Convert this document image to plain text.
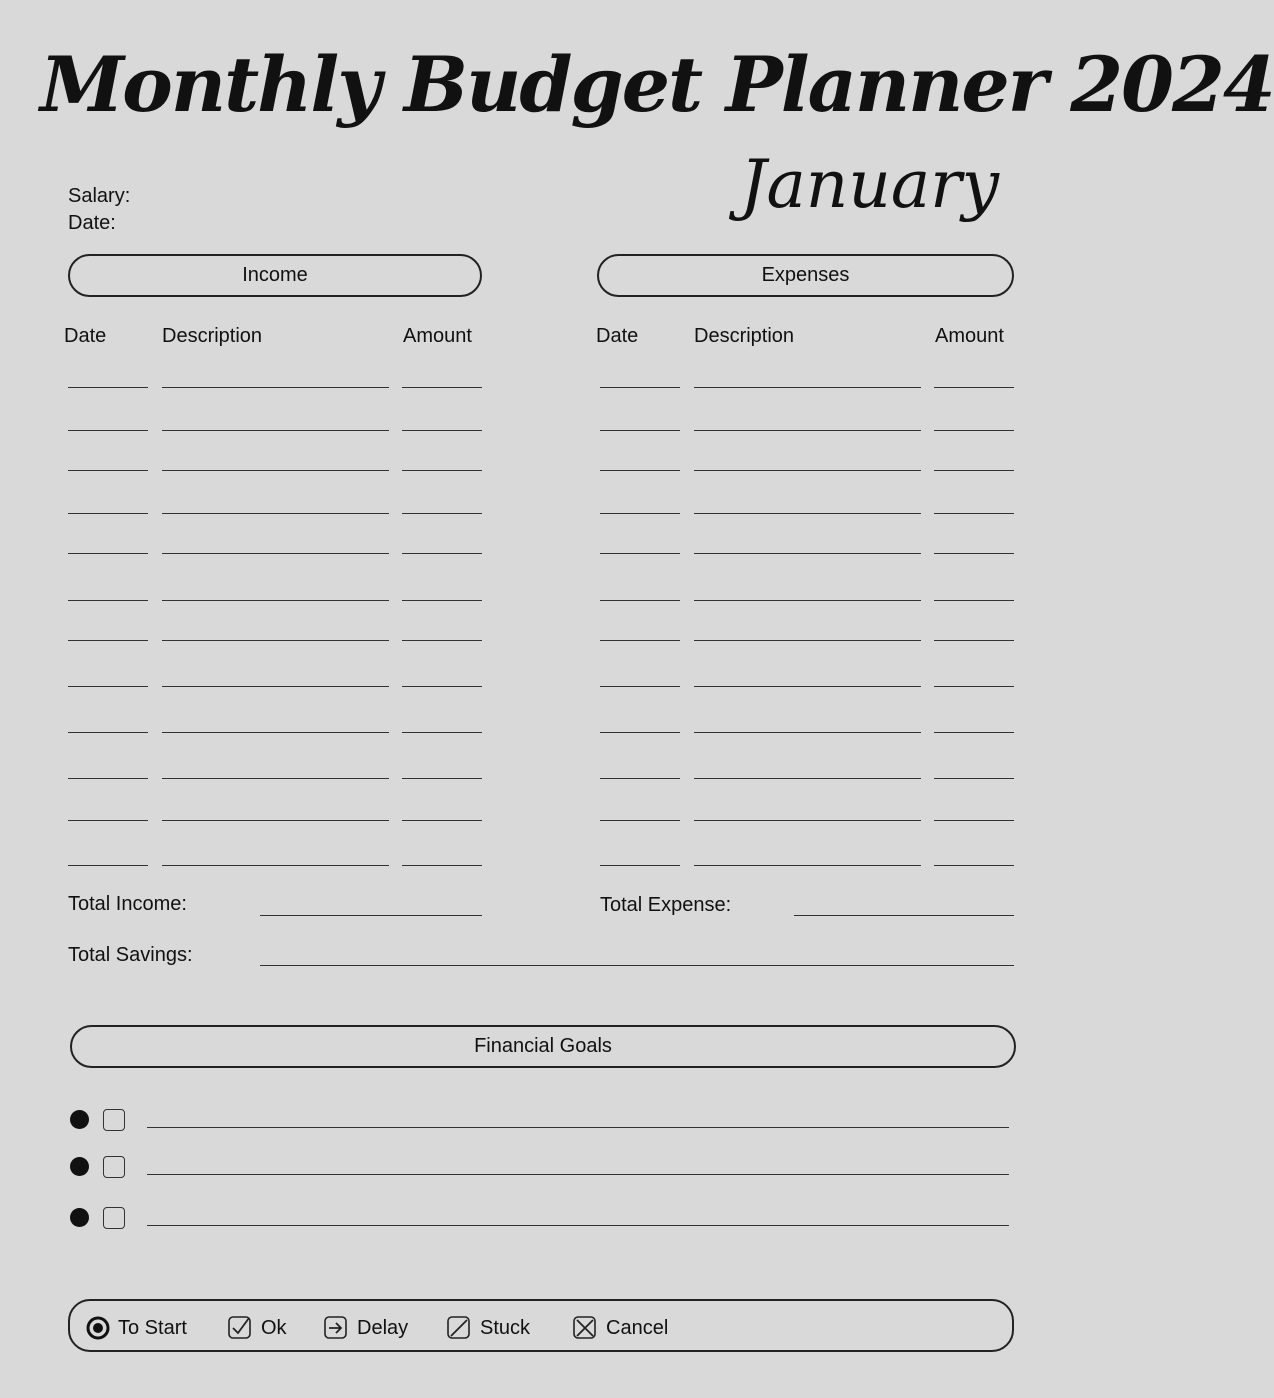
Monthly Budget Planner 2024
January
Salary:
Date:
Income	Expenses
Date	Description	Amount	Date	Description	Amount
Total Income:	Total Expense:
Total Savings:
Financial Goals
To Start	Ok	Delay	Stuck	Cancel
